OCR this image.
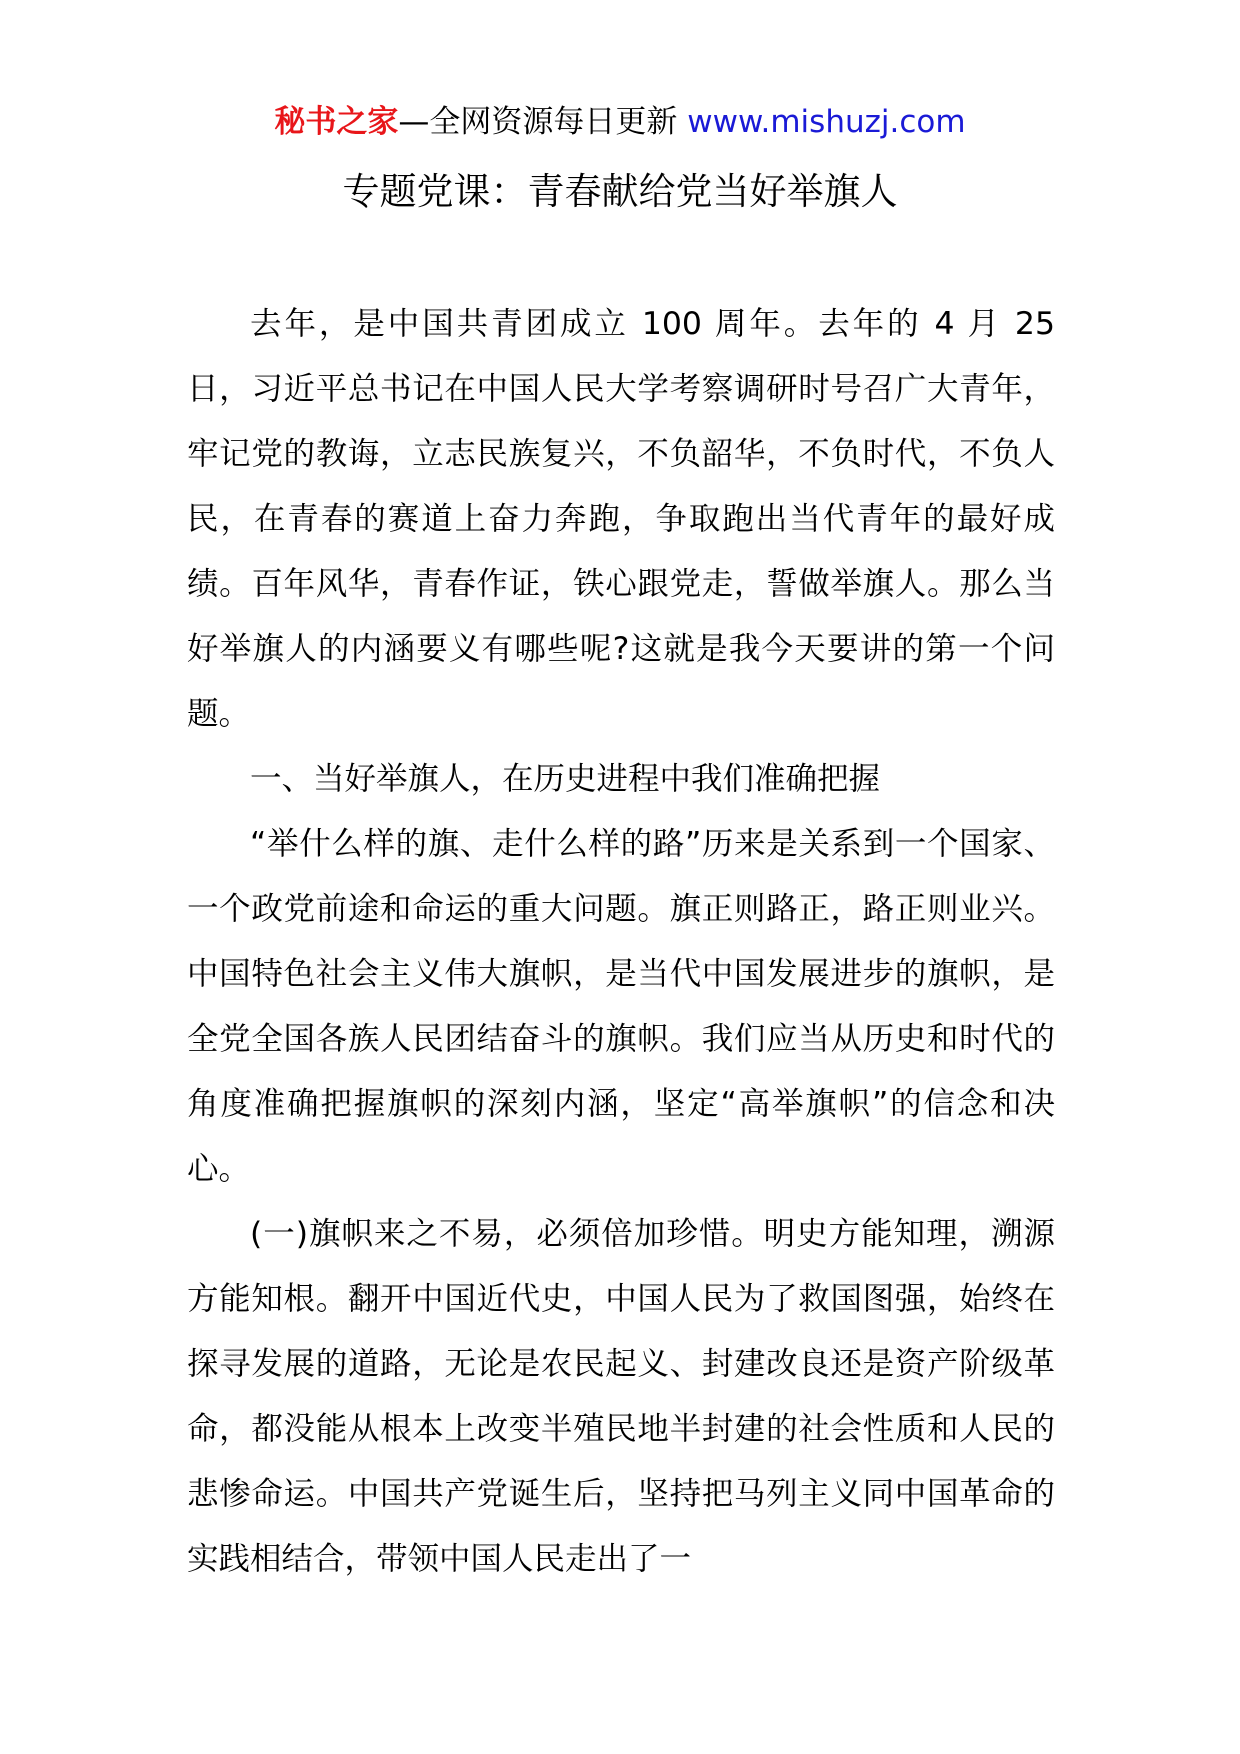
秘书之家—全网资源每日更新 www.mishuzj.com
专题党课：青春献给党当好举旗人

去年，是中国共青团成立 100 周年。去年的 4 月 25 日，习近平总书记在中国人民大学考察调研时号召广大青年，牢记党的教诲，立志民族复兴，不负韶华，不负时代，不负人民，在青春的赛道上奋力奔跑，争取跑出当代青年的最好成绩。百年风华，青春作证，铁心跟党走，誓做举旗人。那么当好举旗人的内涵要义有哪些呢?这就是我今天要讲的第一个问题。

一、当好举旗人，在历史进程中我们准确把握

“举什么样的旗、走什么样的路”历来是关系到一个国家、一个政党前途和命运的重大问题。旗正则路正，路正则业兴。中国特色社会主义伟大旗帜，是当代中国发展进步的旗帜，是全党全国各族人民团结奋斗的旗帜。我们应当从历史和时代的角度准确把握旗帜的深刻内涵，坚定“高举旗帜”的信念和决心。

(一)旗帜来之不易，必须倍加珍惜。明史方能知理，溯源方能知根。翻开中国近代史，中国人民为了救国图强，始终在探寻发展的道路，无论是农民起义、封建改良还是资产阶级革命，都没能从根本上改变半殖民地半封建的社会性质和人民的悲惨命运。中国共产党诞生后，坚持把马列主义同中国革命的实践相结合，带领中国人民走出了一
